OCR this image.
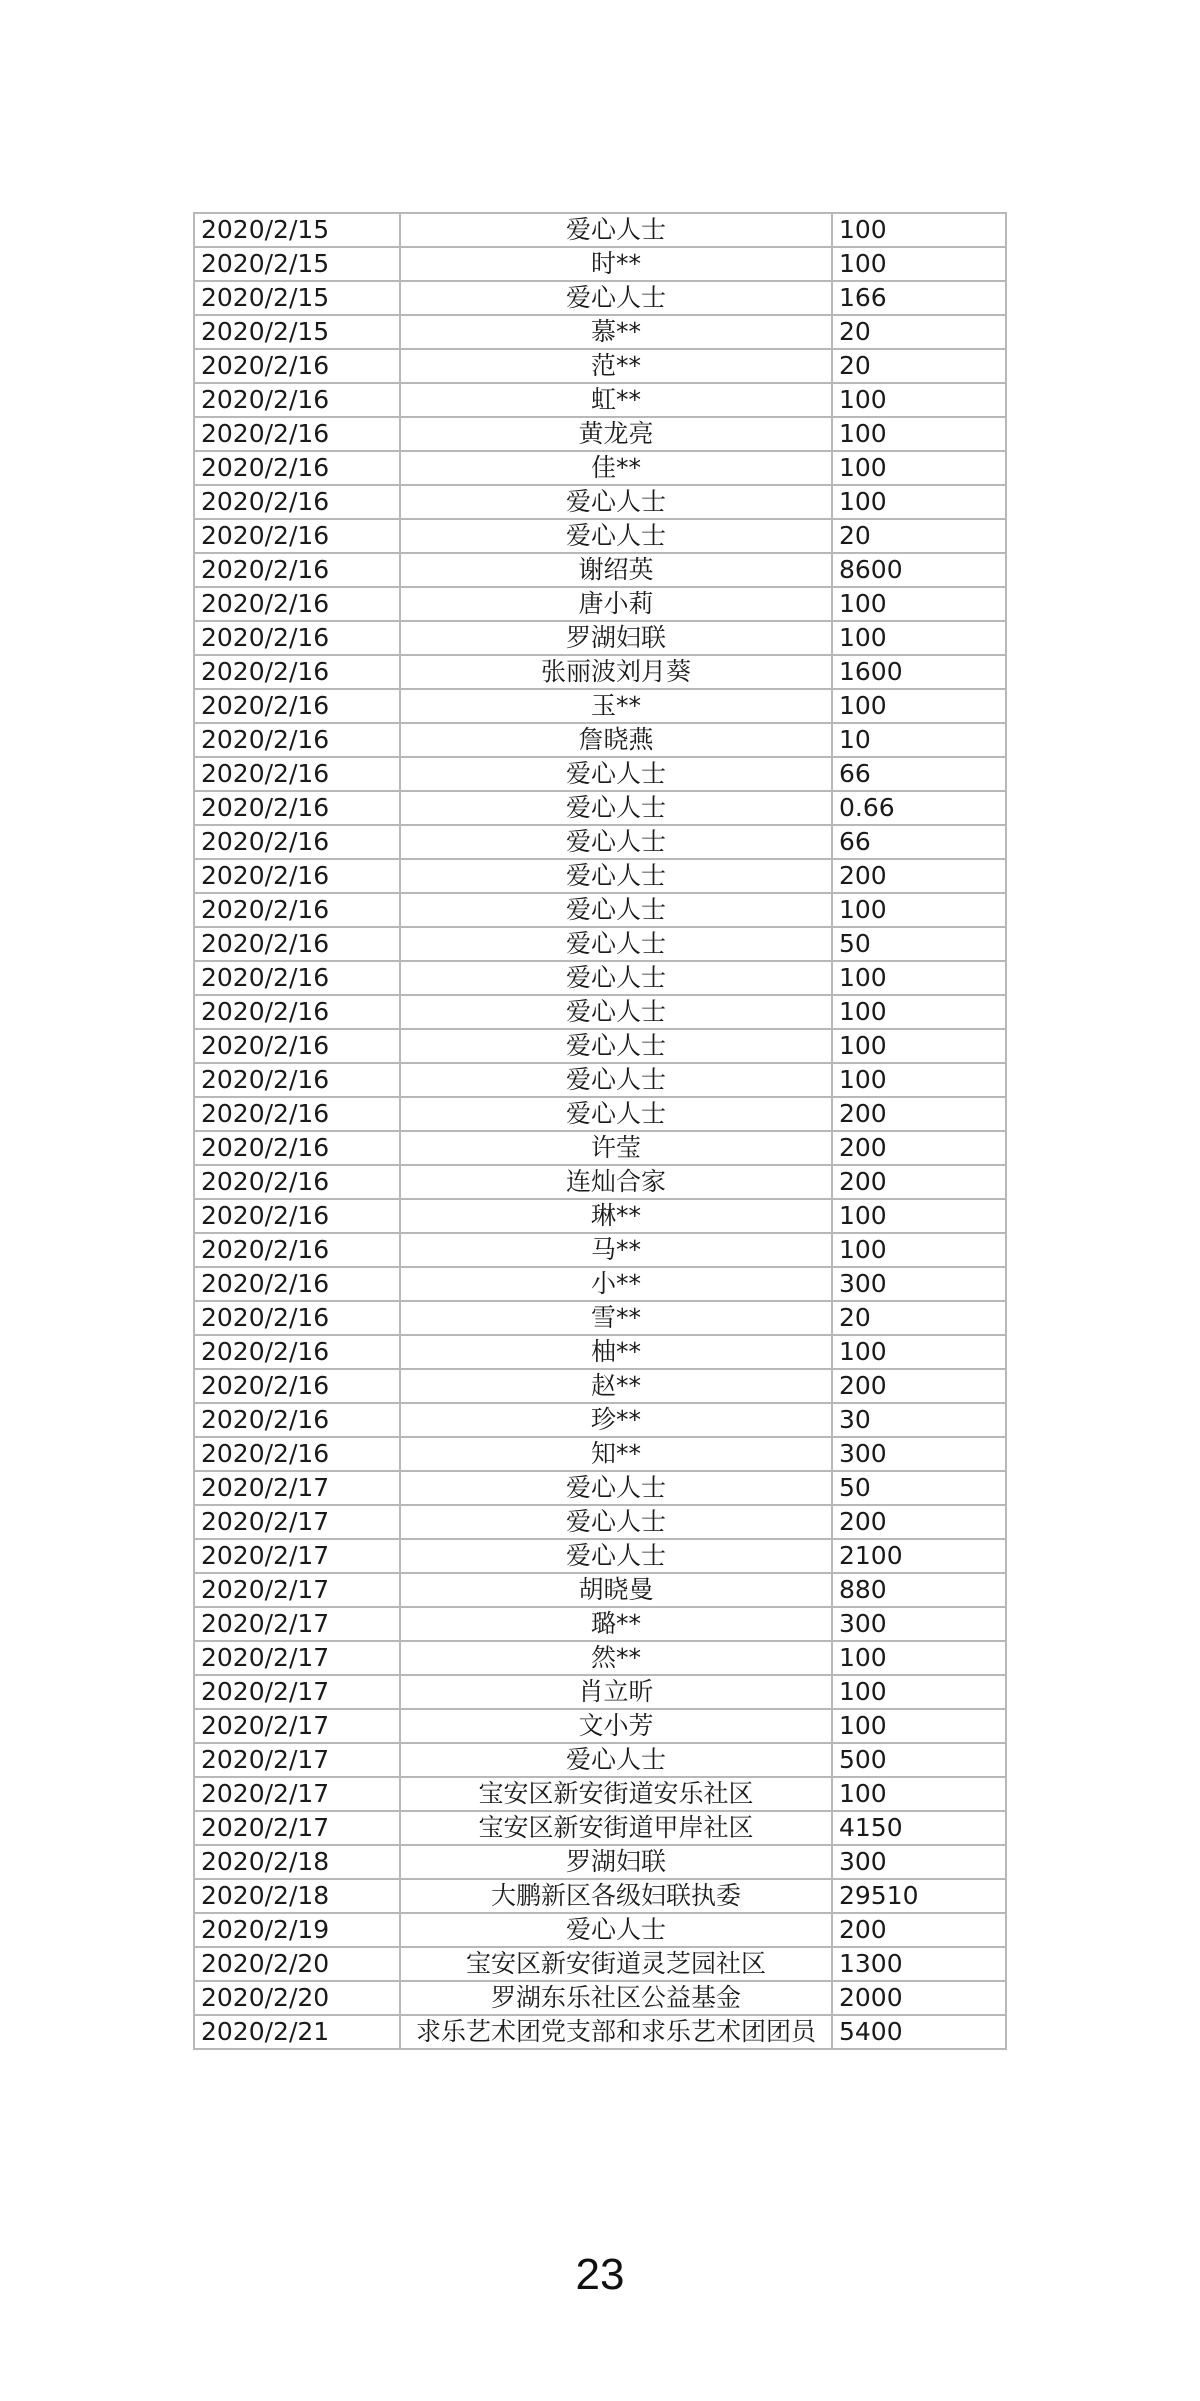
2020/2/15	爱心人士	100
2020/2/15	时**	100
2020/2/15	爱心人士	166
2020/2/15	慕**	20
2020/2/16	范**	20
2020/2/16	虹**	100
2020/2/16	黄龙亮	100
2020/2/16	佳**	100
2020/2/16	爱心人士	100
2020/2/16	爱心人士	20
2020/2/16	谢绍英	8600
2020/2/16	唐小莉	100
2020/2/16	罗湖妇联	100
2020/2/16	张丽波刘月葵	1600
2020/2/16	玉**	100
2020/2/16	詹晓燕	10
2020/2/16	爱心人士	66
2020/2/16	爱心人士	0.66
2020/2/16	爱心人士	66
2020/2/16	爱心人士	200
2020/2/16	爱心人士	100
2020/2/16	爱心人士	50
2020/2/16	爱心人士	100
2020/2/16	爱心人士	100
2020/2/16	爱心人士	100
2020/2/16	爱心人士	100
2020/2/16	爱心人士	200
2020/2/16	许莹	200
2020/2/16	连灿合家	200
2020/2/16	琳**	100
2020/2/16	马**	100
2020/2/16	小**	300
2020/2/16	雪**	20
2020/2/16	柚**	100
2020/2/16	赵**	200
2020/2/16	珍**	30
2020/2/16	知**	300
2020/2/17	爱心人士	50
2020/2/17	爱心人士	200
2020/2/17	爱心人士	2100
2020/2/17	胡晓曼	880
2020/2/17	璐**	300
2020/2/17	然**	100
2020/2/17	肖立昕	100
2020/2/17	文小芳	100
2020/2/17	爱心人士	500
2020/2/17	宝安区新安街道安乐社区	100
2020/2/17	宝安区新安街道甲岸社区	4150
2020/2/18	罗湖妇联	300
2020/2/18	大鹏新区各级妇联执委	29510
2020/2/19	爱心人士	200
2020/2/20	宝安区新安街道灵芝园社区	1300
2020/2/20	罗湖东乐社区公益基金	2000
2020/2/21	求乐艺术团党支部和求乐艺术团团员	5400
23
